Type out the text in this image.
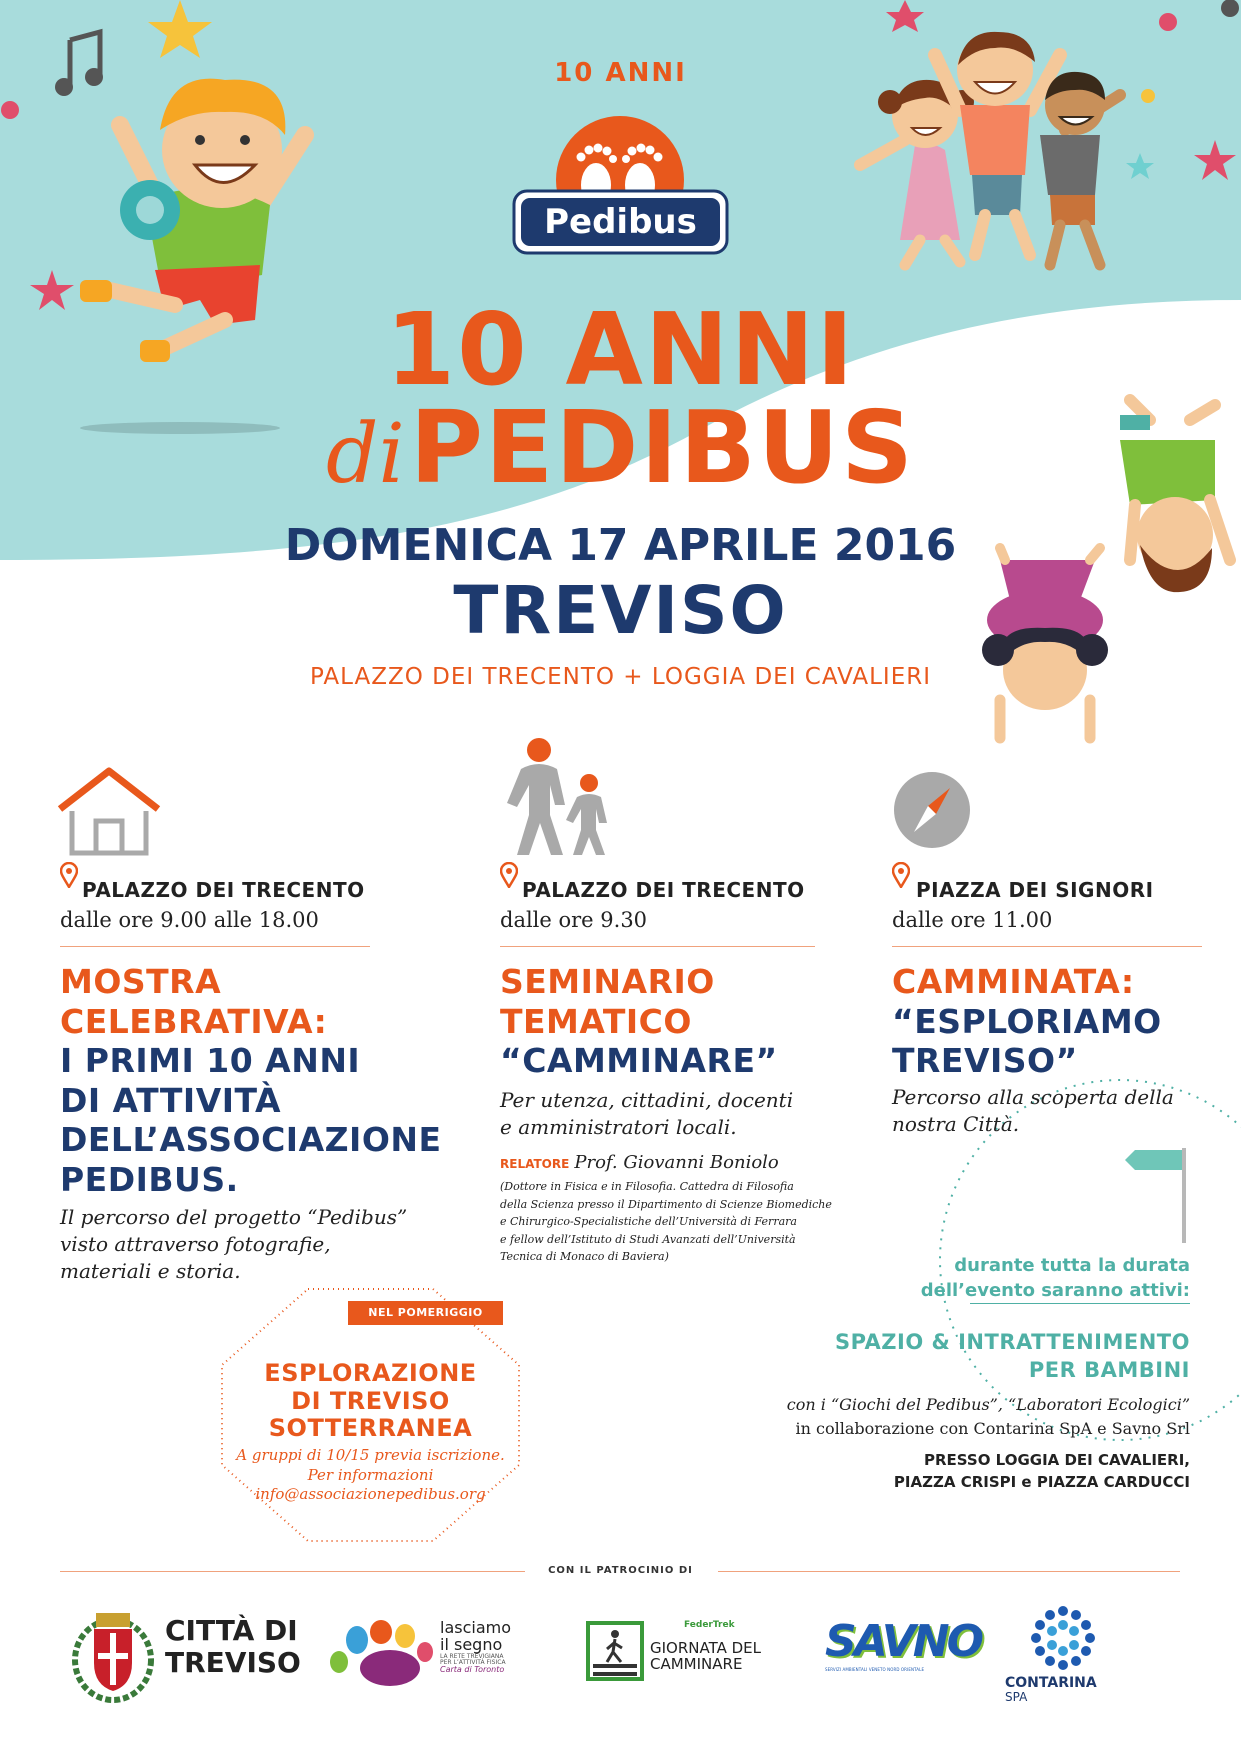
10 ANNI
Pedibus
10 ANNI
di PEDIBUS
DOMENICA 17 APRILE 2016
TREVISO
PALAZZO DEI TRECENTO + LOGGIA DEI CAVALIERI
PALAZZO DEI TRECENTO
dalle ore 9.00 alle 18.00
MOSTRA
CELEBRATIVA:
I PRIMI 10 ANNI
DI ATTIVITÀ
DELL’ASSOCIAZIONE
PEDIBUS.
Il percorso del progetto “Pedibus”
visto attraverso fotografie,
materiali e storia.
PALAZZO DEI TRECENTO
dalle ore 9.30
SEMINARIO
TEMATICO
“CAMMINARE”
Per utenza, cittadini, docenti
e amministratori locali.
RELATORE Prof. Giovanni Boniolo
(Dottore in Fisica e in Filosofia. Cattedra di Filosofia
della Scienza presso il Dipartimento di Scienze Biomediche
e Chirurgico-Specialistiche dell’Università di Ferrara
e fellow dell’Istituto di Studi Avanzati dell’Università
Tecnica di Monaco di Baviera)
PIAZZA DEI SIGNORI
dalle ore 11.00
CAMMINATA:
“ESPLORIAMO
TREVISO”
Percorso alla scoperta della
nostra Città.
NEL POMERIGGIO
ESPLORAZIONE
DI TREVISO
SOTTERRANEA
A gruppi di 10/15 previa iscrizione.
Per informazioni
info@associazionepedibus.org
durante tutta la durata
dell’evento saranno attivi:
SPAZIO & INTRATTENIMENTO
PER BAMBINI
con i “Giochi del Pedibus”, “Laboratori Ecologici”
in collaborazione con Contarina SpA e Savno Srl
PRESSO LOGGIA DEI CAVALIERI,
PIAZZA CRISPI e PIAZZA CARDUCCI
CON IL PATROCINIO DI
CITTÀ DI
TREVISO
lasciamo
il segno
LA RETE TREVIGIANA
PER L’ATTIVITÀ FISICA
Carta di Toronto
FederTrek
GIORNATA DEL
CAMMINARE	SAVNO
SERVIZI AMBIENTALI VENETO NORD ORIENTALE
CONTARINA
SPA
